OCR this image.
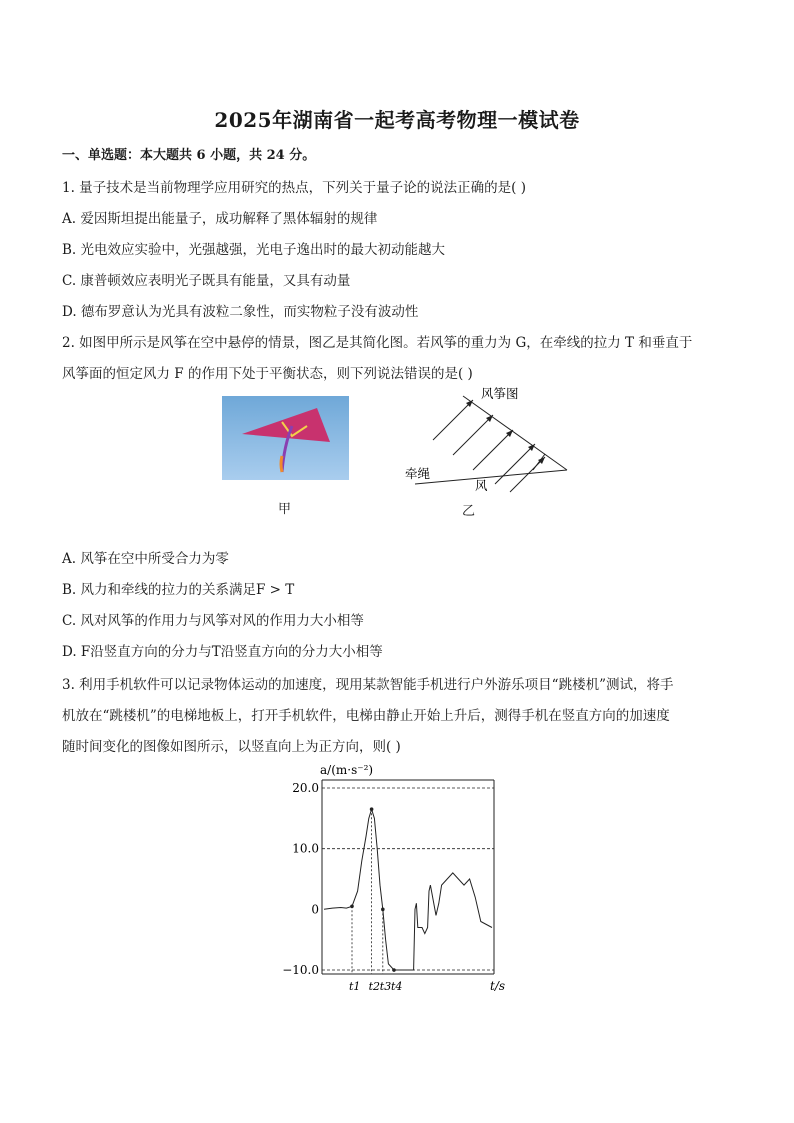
2025年湖南省一起考高考物理一模试卷
一、单选题：本大题共 6 小题，共 24 分。
1. 量子技术是当前物理学应用研究的热点，下列关于量子论的说法正确的是( )
A. 爱因斯坦提出能量子，成功解释了黑体辐射的规律
B. 光电效应实验中，光强越强，光电子逸出时的最大初动能越大
C. 康普顿效应表明光子既具有能量，又具有动量
D. 德布罗意认为光具有波粒二象性，而实物粒子没有波动性
2. 如图甲所示是风筝在空中悬停的情景，图乙是其简化图。若风筝的重力为 G，在牵线的拉力 T 和垂直于
风筝面的恒定风力 F 的作用下处于平衡状态，则下列说法错误的是( )
甲
风筝图
牵绳
风
乙
A. 风筝在空中所受合力为零
B. 风力和牵线的拉力的关系满足F > T
C. 风对风筝的作用力与风筝对风的作用力大小相等
D. F沿竖直方向的分力与T沿竖直方向的分力大小相等
3. 利用手机软件可以记录物体运动的加速度，现用某款智能手机进行户外游乐项目“跳楼机”测试，将手
机放在“跳楼机”的电梯地板上，打开手机软件，电梯由静止开始上升后，测得手机在竖直方向的加速度
随时间变化的图像如图所示，以竖直向上为正方向，则( )
20.0
10.0
0
−10.0
t1 t2 t3 t4
a/(m·s⁻²)
t/s
